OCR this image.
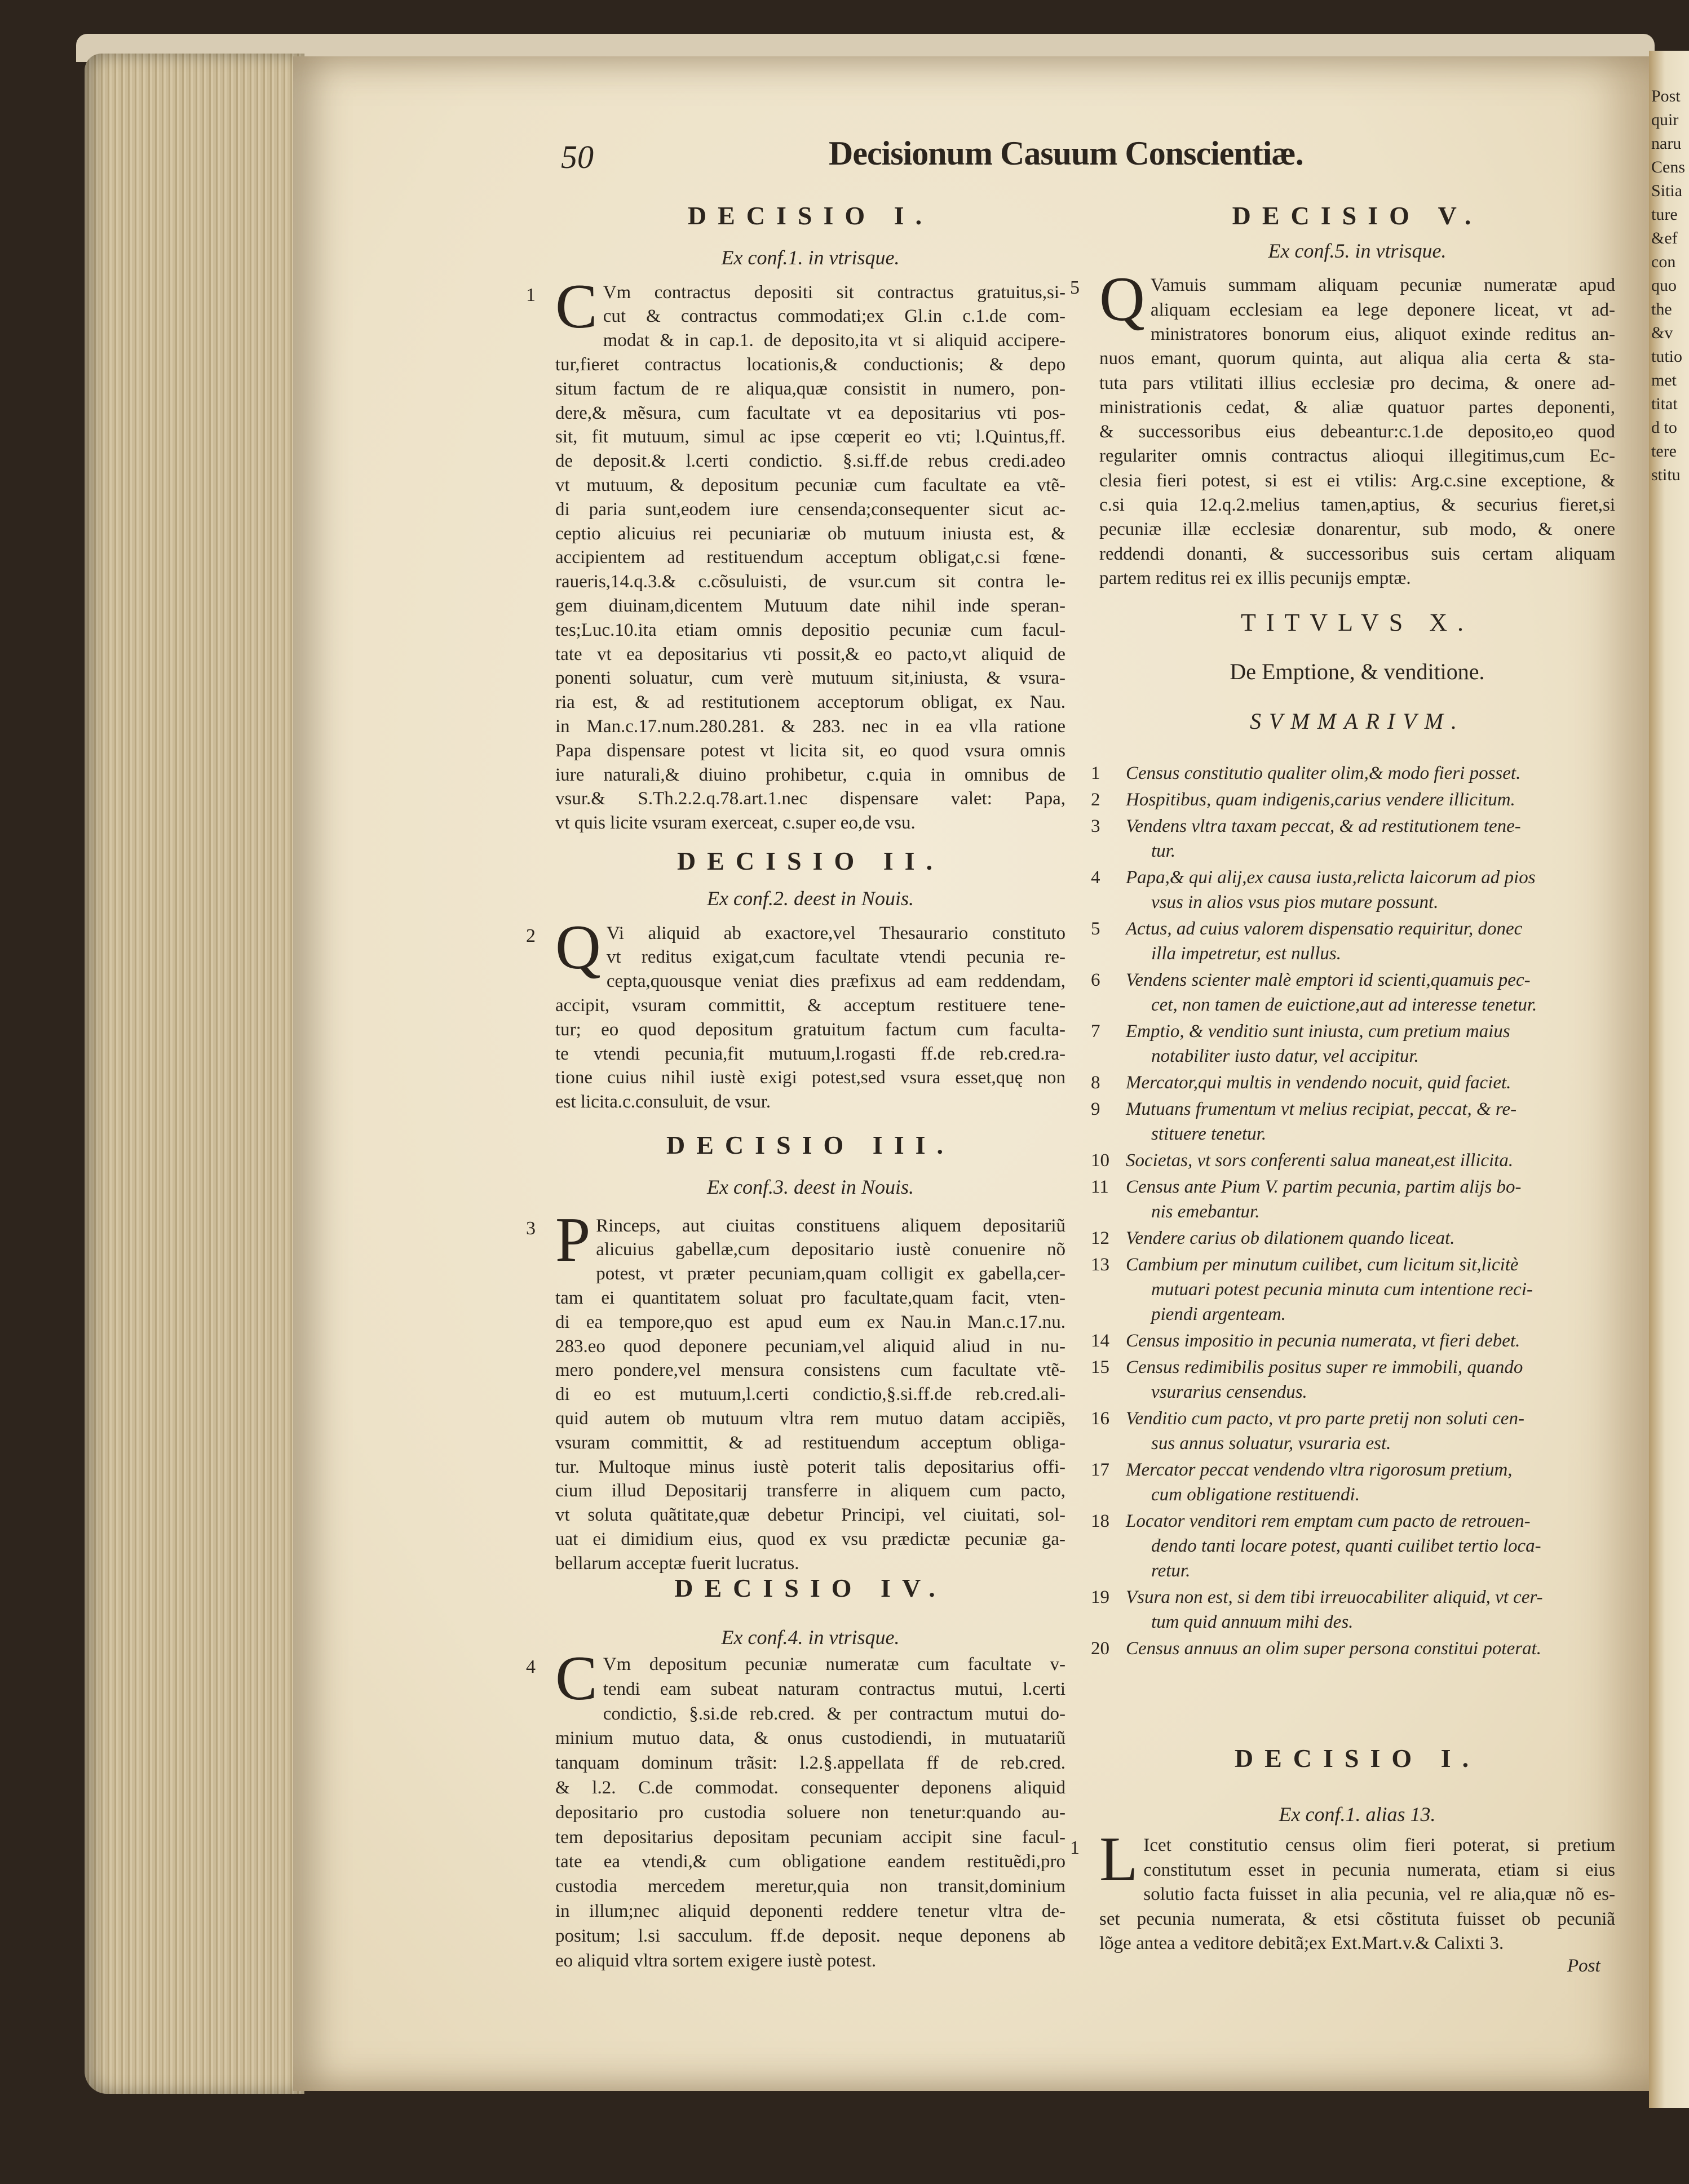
Post
quir
naru
Cens
Sitia
ture
&ef
con
quo
the
&v
tutio
met
titat
d to
tere
stitu
50	Decisionum Casuum Conscientiæ.
DECISIO I.
Ex conf.1. in vtrisque.
1 C Vm contractus depositi sit contractus gratuitus,si-
cut & contractus commodati;ex Gl.in c.1.de com-
modat & in cap.1. de deposito,ita vt si aliquid accipere-
tur,fieret contractus locationis,& conductionis; & depo
situm factum de re aliqua,quæ consistit in numero, pon-
dere,& mẽsura, cum facultate vt ea depositarius vti pos-
sit, fit mutuum, simul ac ipse cœperit eo vti; l.Quintus,ff.
de deposit.& l.certi condictio. §.si.ff.de rebus credi.adeo
vt mutuum, & depositum pecuniæ cum facultate ea vtẽ-
di paria sunt,eodem iure censenda;consequenter sicut ac-
ceptio alicuius rei pecuniariæ ob mutuum iniusta est, &
accipientem ad restituendum acceptum obligat,c.si fœne-
raueris,14.q.3.& c.cõsuluisti, de vsur.cum sit contra le-
gem diuinam,dicentem Mutuum date nihil inde speran-
tes;Luc.10.ita etiam omnis depositio pecuniæ cum facul-
tate vt ea depositarius vti possit,& eo pacto,vt aliquid de
ponenti soluatur, cum verè mutuum sit,iniusta, & vsura-
ria est, & ad restitutionem acceptorum obligat, ex Nau.
in Man.c.17.num.280.281. & 283. nec in ea vlla ratione
Papa dispensare potest vt licita sit, eo quod vsura omnis
iure naturali,& diuino prohibetur, c.quia in omnibus de
vsur.& S.Th.2.2.q.78.art.1.nec dispensare valet: Papa,
vt quis licite vsuram exerceat, c.super eo,de vsu.
DECISIO II.
Ex conf.2. deest in Nouis.
2 Q Vi aliquid ab exactore,vel Thesaurario constituto
vt reditus exigat,cum facultate vtendi pecunia re-
cepta,quousque veniat dies præfixus ad eam reddendam,
accipit, vsuram committit, & acceptum restituere tene-
tur; eo quod depositum gratuitum factum cum faculta-
te vtendi pecunia,fit mutuum,l.rogasti ff.de reb.cred.ra-
tione cuius nihil iustè exigi potest,sed vsura esset,quę non
est licita.c.consuluit, de vsur.
DECISIO III.
Ex conf.3. deest in Nouis.
3 P Rinceps, aut ciuitas constituens aliquem depositariũ
alicuius gabellæ,cum depositario iustè conuenire nõ
potest, vt præter pecuniam,quam colligit ex gabella,cer-
tam ei quantitatem soluat pro facultate,quam facit, vten-
di ea tempore,quo est apud eum ex Nau.in Man.c.17.nu.
283.eo quod deponere pecuniam,vel aliquid aliud in nu-
mero pondere,vel mensura consistens cum facultate vtẽ-
di eo est mutuum,l.certi condictio,§.si.ff.de reb.cred.ali-
quid autem ob mutuum vltra rem mutuo datam accipiẽs,
vsuram committit, & ad restituendum acceptum obliga-
tur. Multoque minus iustè poterit talis depositarius offi-
cium illud Depositarij transferre in aliquem cum pacto,
vt soluta quãtitate,quæ debetur Principi, vel ciuitati, sol-
uat ei dimidium eius, quod ex vsu prædictæ pecuniæ ga-
bellarum acceptæ fuerit lucratus.
DECISIO IV.
Ex conf.4. in vtrisque.
4 C Vm depositum pecuniæ numeratæ cum facultate v-
tendi eam subeat naturam contractus mutui, l.certi
condictio, §.si.de reb.cred. & per contractum mutui do-
minium mutuo data, & onus custodiendi, in mutuatariũ
tanquam dominum trãsit: l.2.§.appellata ff de reb.cred.
& l.2. C.de commodat. consequenter deponens aliquid
depositario pro custodia soluere non tenetur:quando au-
tem depositarius depositam pecuniam accipit sine facul-
tate ea vtendi,& cum obligatione eandem restituẽdi,pro
custodia mercedem meretur,quia non transit,dominium
in illum;nec aliquid deponenti reddere tenetur vltra de-
positum; l.si sacculum. ff.de deposit. neque deponens ab
eo aliquid vltra sortem exigere iustè potest.
DECISIO V.
Ex conf.5. in vtrisque.
5 Q Vamuis summam aliquam pecuniæ numeratæ apud
aliquam ecclesiam ea lege deponere liceat, vt ad-
ministratores bonorum eius, aliquot exinde reditus an-
nuos emant, quorum quinta, aut aliqua alia certa & sta-
tuta pars vtilitati illius ecclesiæ pro decima, & onere ad-
ministrationis cedat, & aliæ quatuor partes deponenti,
& successoribus eius debeantur:c.1.de deposito,eo quod
regulariter omnis contractus alioqui illegitimus,cum Ec-
clesia fieri potest, si est ei vtilis: Arg.c.sine exceptione, &
c.si quia 12.q.2.melius tamen,aptius, & securius fieret,si
pecuniæ illæ ecclesiæ donarentur, sub modo, & onere
reddendi donanti, & successoribus suis certam aliquam
partem reditus rei ex illis pecunijs emptæ.
DECISIO I.
Ex conf.1. alias 13.
1 L Icet constitutio census olim fieri poterat, si pretium
constitutum esset in pecunia numerata, etiam si eius
solutio facta fuisset in alia pecunia, vel re alia,quæ nõ es-
set pecunia numerata, & etsi cõstituta fuisset ob pecuniã
lõge antea a veditore debitã;ex Ext.Mart.v.& Calixti 3.
TITVLVS X.
De Emptione, & venditione.
SVMMARIVM.
1 Census constitutio qualiter olim,& modo fieri posset.
2 Hospitibus, quam indigenis,carius vendere illicitum.
3 Vendens vltra taxam peccat, & ad restitutionem tene-
tur.
4 Papa,& qui alij,ex causa iusta,relicta laicorum ad pios
vsus in alios vsus pios mutare possunt.
5 Actus, ad cuius valorem dispensatio requiritur, donec
illa impetretur, est nullus.
6 Vendens scienter malè emptori id scienti,quamuis pec-
cet, non tamen de euictione,aut ad interesse tenetur.
7 Emptio, & venditio sunt iniusta, cum pretium maius
notabiliter iusto datur, vel accipitur.
8 Mercator,qui multis in vendendo nocuit, quid faciet.
9 Mutuans frumentum vt melius recipiat, peccat, & re-
stituere tenetur.
10 Societas, vt sors conferenti salua maneat,est illicita.
11 Census ante Pium V. partim pecunia, partim alijs bo-
nis emebantur.
12 Vendere carius ob dilationem quando liceat.
13 Cambium per minutum cuilibet, cum licitum sit,licitè
mutuari potest pecunia minuta cum intentione reci-
piendi argenteam.
14 Census impositio in pecunia numerata, vt fieri debet.
15 Census redimibilis positus super re immobili, quando
vsurarius censendus.
16 Venditio cum pacto, vt pro parte pretij non soluti cen-
sus annus soluatur, vsuraria est.
17 Mercator peccat vendendo vltra rigorosum pretium,
cum obligatione restituendi.
18 Locator venditori rem emptam cum pacto de retrouen-
dendo tanti locare potest, quanti cuilibet tertio loca-
retur.
19 Vsura non est, si dem tibi irreuocabiliter aliquid, vt cer-
tum quid annuum mihi des.
20 Census annuus an olim super persona constitui poterat.
Post
